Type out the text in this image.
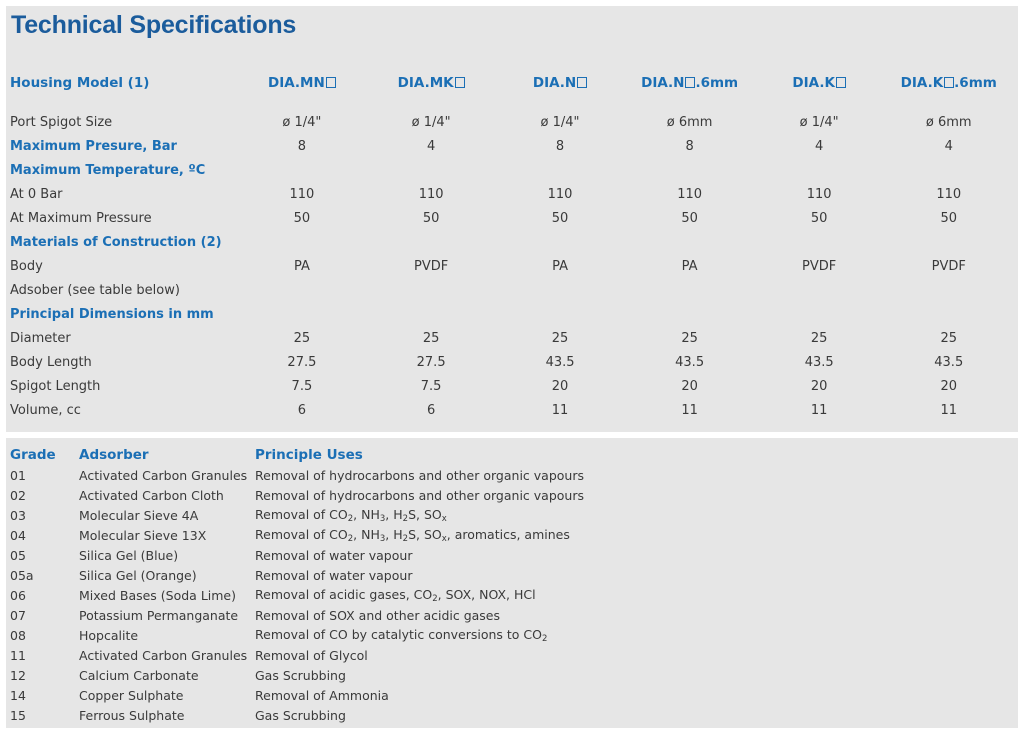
Technical Specifications
Housing Model (1)	DIA.MN	DIA.MK	DIA.N	DIA.N .6mm	DIA.K	DIA.K .6mm

Port Spigot Size	ø 1/4"	ø 1/4"	ø 1/4"	ø 6mm	ø 1/4"	ø 6mm
Maximum Presure, Bar	8	4	8	8	4	4
Maximum Temperature, ºC						
At 0 Bar	110	110	110	110	110	110
At Maximum Pressure	50	50	50	50	50	50
Materials of Construction (2)						
Body	PA	PVDF	PA	PA	PVDF	PVDF
Adsober (see table below)						
Principal Dimensions in mm						
Diameter	25	25	25	25	25	25
Body Length	27.5	27.5	43.5	43.5	43.5	43.5
Spigot Length	7.5	7.5	20	20	20	20
Volume, cc	6	6	11	11	11	11
Grade	Adsorber	Principle Uses
01	Activated Carbon Granules	Removal of hydrocarbons and other organic vapours
02	Activated Carbon Cloth	Removal of hydrocarbons and other organic vapours
03	Molecular Sieve 4A	Removal of $CO_2$, $NH_3$, $H_2S$, $SO_x$
04	Molecular Sieve 13X	Removal of $CO_2$, $NH_3$, $H_2S$, $SO_x$, aromatics, amines
05	Silica Gel (Blue)	Removal of water vapour
05a	Silica Gel (Orange)	Removal of water vapour
06	Mixed Bases (Soda Lime)	Removal of acidic gases, $CO_2$, SOX, NOX, HCl
07	Potassium Permanganate	Removal of SOX and other acidic gases
08	Hopcalite	Removal of CO by catalytic conversions to $CO_2$
11	Activated Carbon Granules	Removal of Glycol
12	Calcium Carbonate	Gas Scrubbing
14	Copper Sulphate	Removal of Ammonia
15	Ferrous Sulphate	Gas Scrubbing
